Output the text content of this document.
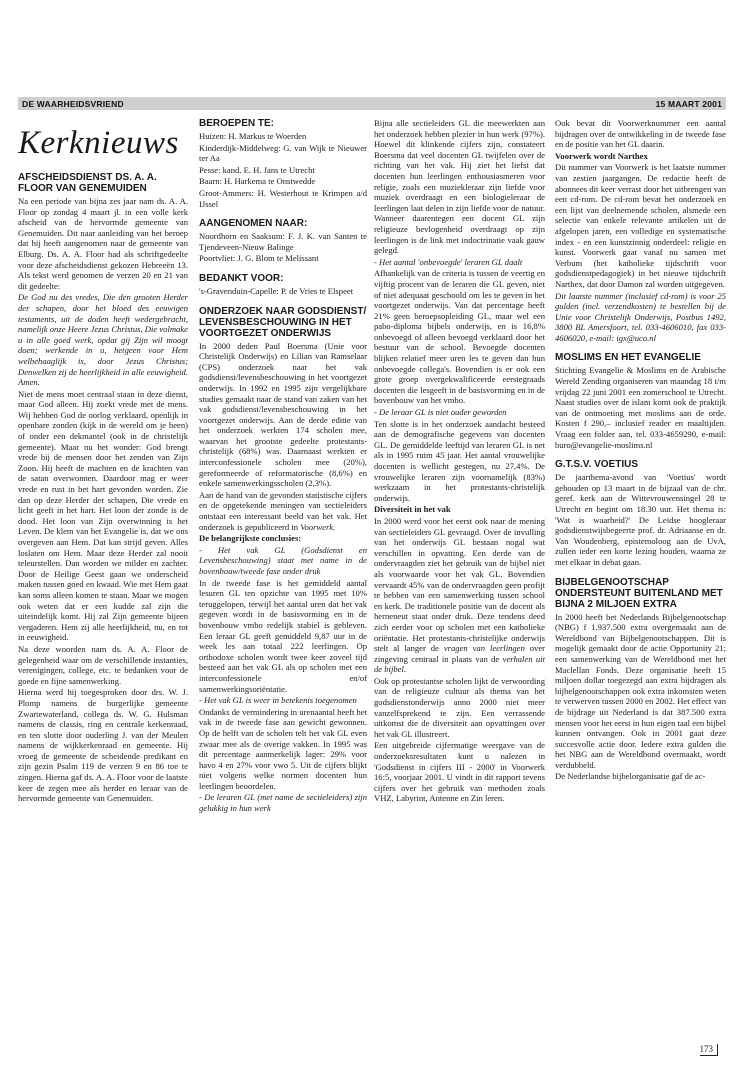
DE WAARHEIDSVRIEND	15 MAART 2001
Kerknieuws
AFSCHEIDSDIENST DS. A. A. FLOOR VAN GENEMUIDEN

Na een periode van bijna zes jaar nam ds. A. A. Floor op zondag 4 maart jl. in een volle kerk afscheid van de hervormde gemeente van Genemuiden. Dit naar aanleiding van het beroep dat hij heeft aangenomen naar de gemeente van Elburg. Ds. A. A. Floor had als schriftgedeelte voor deze afscheidsdienst gekozen Hebreeën 13. Als tekst werd genomen de verzen 20 en 21 van dit gedeelte:

De God nu des vredes, Die den grooten Herder der schapen, door het bloed des eeuwigen testaments, uit de doden heeft wedergebracht, namelijk onze Heere Jezus Christus, Die volmake u in alle goed werk, opdat gij Zijn wil moogt doen; werkende in u, hetgeen voor Hem welbehaaglijk is, door Jezus Christus; Denwelken zij de heerlijkheid in alle eeuwigheid. Amen.

Niet de mens moet centraal staan in deze dienst, maar God alleen. Hij zoekt vrede met de mens. Wij hebben God de oorlog verklaard, openlijk in openbare zonden (kijk in de wereld om je heen) of onder een dekmantel (ook in de christelijk gemeente). Maar nu het wonder: God brengt vrede bij de mensen door het zenden van Zijn Zoon. Hij heeft de machten en de krachten van de satan overwonnen. Daardoor mag er weer vrede en rust in het hart gevonden worden. Zie dan op deze Herder der schapen, Die vrede en licht geeft in het hart. Het loon der zonde is de dood. Het loon van Zijn overwinning is het Leven. De klem van het Evangelie is, dat we ons overgeven aan Hem. Dat kan strijd geven. Alles loslaten om Hem. Maar deze Herder zal nooit teleurstellen. Dan worden we milder en zachter. Door de Heilige Geest gaan we onderscheid maken tussen goed en kwaad. Wie met Hem gaat kan soms alleen komen te staan. Maar we mogen ook weten dat er een kudde zal zijn die uiteindelijk komt. Hij zal Zijn gemeente bijeen vergaderen. Hem zij alle heerlijkheid, nu, en tot in eeuwigheid.

Na deze woorden nam ds. A. A. Floor de gelegenheid waar om de verschillende instanties, verenigingen, college, etc. te bedanken voor de goede en fijne samenwerking.

Hierna werd hij toegesproken door drs. W. J. Plomp namens de burgerlijke gemeente Zwartewaterland, collega ds. W. G. Hulsman namens de classis, ring en centrale kerkenraad, en ten slotte door ouderling J. van der Meulen namens de wijkkerkenraad en gemeente. Hij vroeg de gemeente de scheidende predikant en zijn gezin Psalm 119 de verzen 9 en 86 toe te zingen. Hierna gaf ds. A. A. Floor voor de laatste keer de zegen mee als herder en leraar van de hervormde gemeente van Genemuiden.

BEROEPEN TE:

Huizen: H. Markus te Woerden

Kinderdijk-Middelweg: G. van Wijk te Nieuwer ter Aa

Pesse: kand. E. H. Jans te Utrecht

Baarn: H. Harkema te Onstwedde

Groot-Ammers: H. Westerhout te Krimpen a/d IJssel

AANGENOMEN NAAR:

Noordhorn en Saaksum: F. J. K. van Santen te Tjendeveen-Nieuw Balinge

Poortvliet: J. G. Blom te Melissant

BEDANKT VOOR:

's-Gravenduin-Capelle: P. de Vries te Elspeet

ONDERZOEK NAAR GODSDIENST/ LEVENSBESCHOUWING IN HET VOORTGEZET ONDERWIJS

In 2000 deden Paul Boersma (Unie voor Christelijk Onderwijs) en Lilian van Ramselaar (CPS) onderzoek naar het vak godsdienst/levensbeschouwing in het voortgezet onderwijs. In 1992 en 1995 zijn vergelijkbare studies gemaakt naar de stand van zaken van het vak godsdienst/levensbeschouwing in het voortgezet onderwijs. Aan de derde editie van het onderzoek werkten 174 scholen mee, waarvan het grootste gedeelte protestants-christelijk (68%) was. Daarnaast werkten er interconfessionele scholen mee (20%), gereformeerde of reformatorische (8,6%) en enkele samenwerkingsscholen (2,3%).

Aan de hand van de gevonden statistische cijfers en de opgetekende meningen van sectieleiders ontstaat een interessant beeld van het vak. Het onderzoek is gepubliceerd in Voorwerk.

De belangrijkste conclusies:

- Het vak GL (Godsdienst en Levensbeschouwing) staat met name in de bovenbouw/tweede fase onder druk

In de tweede fase is het gemiddeld aantal lesuren GL ten opzichte van 1995 met 10% teruggelopen, terwijl het aantal uren dat het vak gegeven wordt in de basisvorming en in de bovenbouw vmbo redelijk stabiel is gebleven. Een leraar GL geeft gemiddeld 9,87 uur in de week les aan totaal 222 leerlingen. Op orthodoxe scholen wordt twee keer zoveel tijd besteed aan het vak GL als op scholen met een interconfessionele en/of samenwerkingsoriëntatie.

- Het vak GL is weer in betekenis toegenomen

Ondanks de vermindering in urenaantal heeft het vak in de tweede fase aan gewicht gewonnen. Op de helft van de scholen telt het vak GL even zwaar mee als de overige vakken. In 1995 was dit percentage aanmerkelijk lager: 29% voor havo 4 en 27% voor vwo 5. Uit de cijfers blijkt niet volgens welke normen docenten hun leerlingen beoordelen.

- De leraren GL (met name de sectieleiders) zijn gelukkig in hun werk

Bijna alle sectieleiders GL die meewerkten aan het onderzoek hebben plezier in hun werk (97%). Hoewel dit klinkende cijfers zijn, constateert Boersma dat veel docenten GL twijfelen over de richting van het vak. Hij ziet het liefst dat docenten hun leerlingen enthousiasmeren voor religie, zoals een muziekleraar zijn liefde voor muziek overdraagt en een biologieleraar de leerlingen laat delen in zijn liefde voor de natuur. Wanneer daarentegen een docent GL zijn religieuze bevlogenheid overdraagt op zijn leerlingen is de link met indoctrinatie vaak gauw gelegd.

- Het aantal 'onbevoegde' leraren GL daalt

Afhankelijk van de criteria is tussen de veertig en vijftig procent van de leraren die GL geven, niet of niet adequaat geschoold om les te geven in het voortgezet onderwijs. Van dat percentage heeft 21% geen beroepsopleiding GL, maar wel een pabo-diploma bijbels onderwijs, en is 16,8% onbevoegd of alleen bevoegd verklaard door het bestuur van de school. Bevoegde docenten blijken relatief meer uren les te geven dan hun onbevoegde collega's. Bovendien is er ook een grote groep overgekwalificeerde eerstegraads docenten die lesgeeft in de basisvorming en in de bovenbouw van het vmbo.

- De leraar GL is niet ouder geworden

Ten slotte is in het onderzoek aandacht besteed aan de demografische gegevens van docenten GL. De gemiddelde leeftijd van leraren GL is net als in 1995 ruim 45 jaar. Het aantal vrouwelijke docenten is wellicht gestegen, nu 27,4%. De vrouwelijke leraren zijn voornamelijk (83%) werkzaam in het protestants-christelijk onderwijs.

Diversiteit in het vak

In 2000 werd voor het eerst ook naar de mening van sectieleiders GL gevraagd. Over de invulling van het onderwijs GL bestaan nogal wat verschillen in opvatting. Een derde van de ondervraagden ziet het gebruik van de bijbel niet als voorwaarde voor het vak GL. Bovendien vervaardt 45% van de ondervraagden geen profijt te hebben van een samenwerking tussen school en kerk. De traditionele positie van de docent als herneneut staat onder druk. Deze tendens deed zich eerder voor op scholen met een katholieke oriëntatie. Het protestants-christelijke onderwijs stelt al langer de vragen van leerlingen over zingeving centraal in plaats van de verhalen uit de bijbel.

Ook op protestantse scholen lijkt de verwoording van de religieuze cultuur als thema van het godsdienstonderwijs anno 2000 niet meer vanzelfsprekend te zijn. Een verrassende uitkomst die de diversiteit aan opvattingen over het vak GL illustreert.

Een uitgebreide cijfermatige weergave van de onderzoeksresultaten kunt u nalezen in 'Godsdienst in cijfers III - 2000' in Voorwerk 16:5, voorjaar 2001. U vindt in dit rapport tevens cijfers over het gebruik van methoden zoals VHZ, Labyrint, Antenne en Zin leren.

Ook bevat dit Voorwerknummer een aantal bijdragen over de ontwikkeling in de tweede fase en de positie van het GL daarin.

Voorwerk wordt Narthex

Dit nummer van Voorwerk is het laatste nummer van zestien jaargangen. De redactie heeft de abonnees dit keer verrast door het uitbrengen van een cd-rom. De cd-rom bevat het onderzoek en een lijst van deelnemende scholen, alsmede een selectie van enkele relevante artikelen uit de afgelopen jaren, een volledige en systematische index - en een kunstzinnig onderdeel: religie en kunst. Voorwerk gaat vanaf nu samen met Verbum (het katholieke tijdschrift voor godsdienstpedagogiek) in het nieuwe tijdschrift Narthex, dat door Damon zal worden uitgegeven.

Dit laatste nummer (inclusief cd-rom) is voor 25 gulden (incl. verzendkosten) te bestellen bij de Unie voor Christelijk Onderwijs, Postbus 1492, 3800 BL Amersfoort, tel. 033-4606010, fax 033-4606020, e-mail: igx@uco.nl

MOSLIMS EN HET EVANGELIE

Stichting Evangelie & Moslims en de Arabische Wereld Zending organiseren van maandag 18 t/m vrijdag 22 juni 2001 een zomerschool te Utrecht. Naast studies over de islam komt ook de praktijk van de ontmoeting met moslims aan de orde. Kosten f 290,– inclusief reader en maaltijden. Vraag een folder aan, tel. 033-4659290, e-mail: buro@evangelie-moslims.nl

G.T.S.V. VOETIUS

De jaarthema-avond van 'Voetius' wordt gehouden op 13 maart in de bijzaal van de chr. geref. kerk aan de Wittevrouwensingel 28 te Utrecht en begint om 18.30 uur. Het thema is: 'Wat is waarheid?' De Leidse hoogleraar godsdienstwijsbegeerte prof. dr. Adriaanse en dr. Van Woudenberg, epistemoloog aan de UvA, zullen ieder een korte lezing houden, waarna ze met elkaar in debat gaan.

BIJBELGENOOTSCHAP ONDERSTEUNT BUITENLAND MET BIJNA 2 MILJOEN EXTRA

In 2000 heeft het Nederlands Bijbelgenootschap (NBG) f 1.937.500 extra overgemaakt aan de Wereldbond van Bijbelgenootschappen. Dit is mogelijk gemaakt door de actie Opportunity 21; een samenwerking van de Wereldbond met het Maclellan Fonds. Deze organisatie heeft 15 miljoen dollar toegezegd aan extra bijdragen als bijbelgenootschappen ook extra inkomsten weten te verwerven tussen 2000 en 2002. Het effect van de bijdrage uit Nederland is dat 387.500 extra mensen voor het eerst in hun eigen taal een bijbel kunnen ontvangen. Ook in 2001 gaat deze succesvolle actie door. Iedere extra gulden die het NBG aan de Wereldbond overmaakt, wordt verdubbeld.

De Nederlandse bijbelorganisatie gaf de ac-

173
